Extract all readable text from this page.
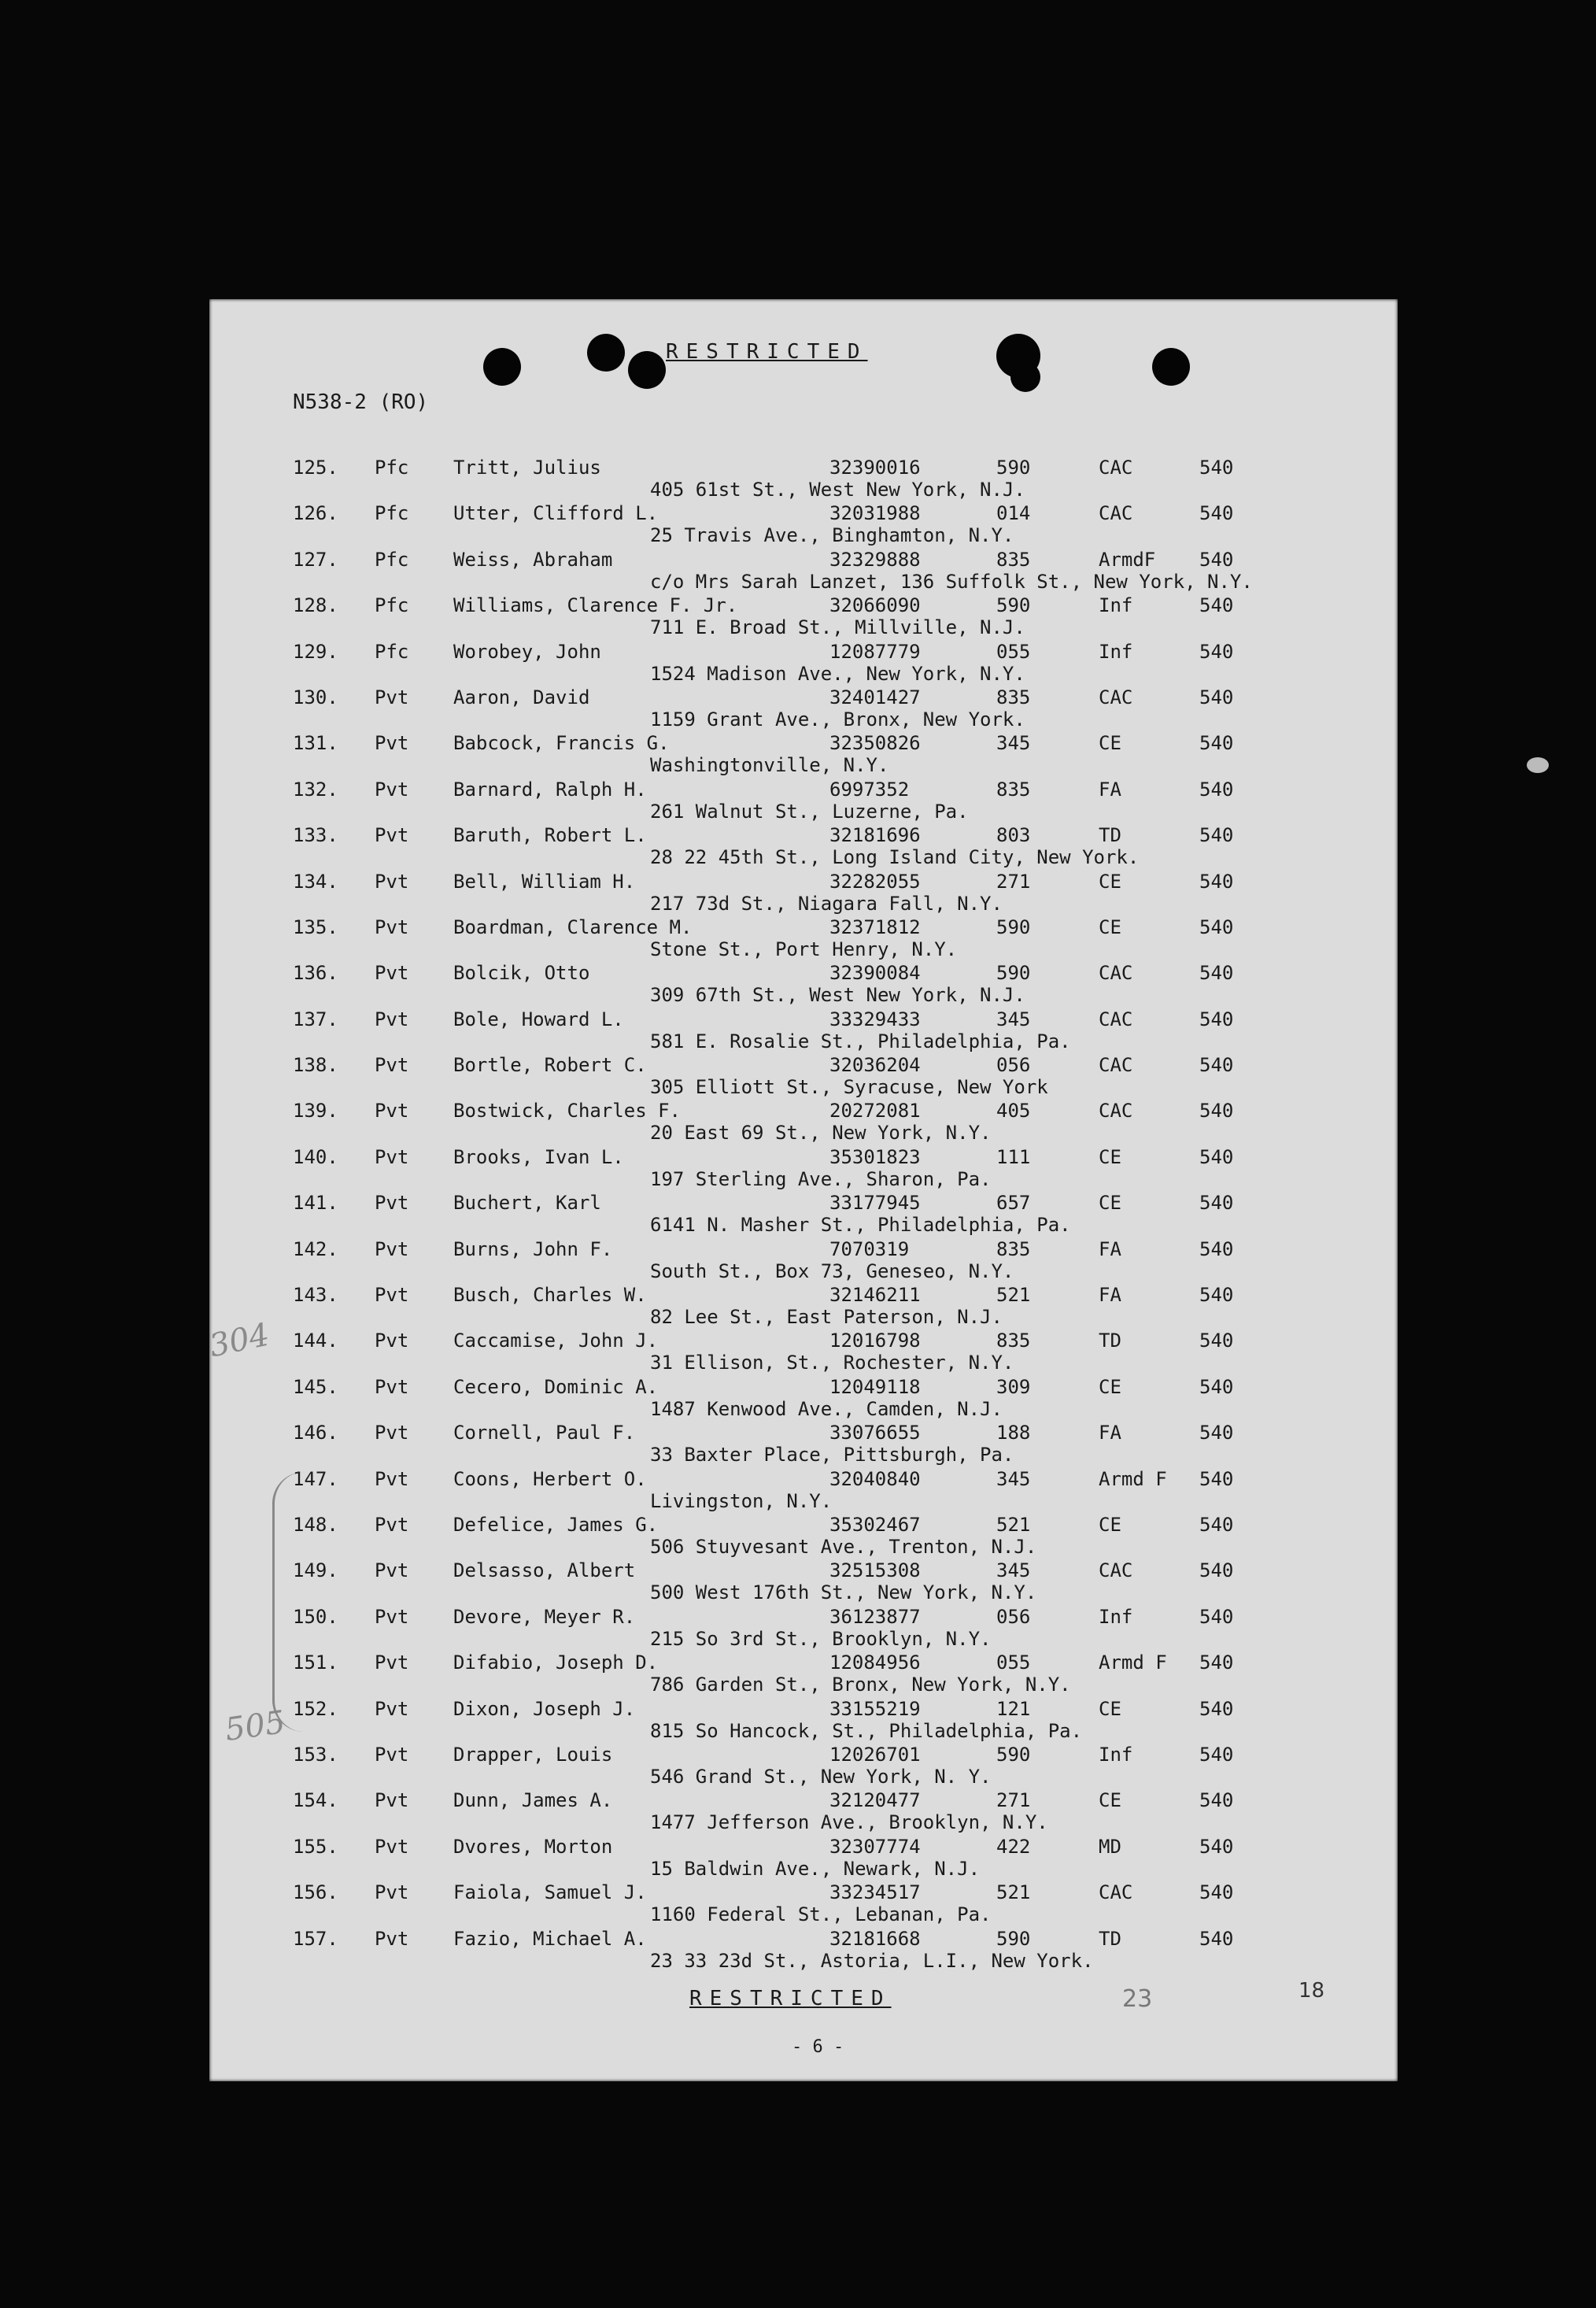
RESTRICTED
N538-2 (RO)
125. Pfc Tritt, Julius	32390016	590	CAC	540
405 61st St., West New York, N.J.
126. Pfc Utter, Clifford L.	32031988	014	CAC	540
25 Travis Ave., Binghamton, N.Y.
127. Pfc Weiss, Abraham	32329888	835	ArmdF 540
c/o Mrs Sarah Lanzet, 136 Suffolk St., New York, N.Y.
128. Pfc Williams, Clarence F. Jr.	32066090	590	Inf	540
711 E. Broad St., Millville, N.J.
129. Pfc Worobey, John	12087779	055	Inf	540
1524 Madison Ave., New York, N.Y.
130. Pvt Aaron, David	32401427	835	CAC	540
1159 Grant Ave., Bronx, New York.
131. Pvt Babcock, Francis G.	32350826	345	CE	540
Washingtonville, N.Y.
132. Pvt Barnard, Ralph H.	6997352	835	FA	540
261 Walnut St., Luzerne, Pa.
133. Pvt Baruth, Robert L.	32181696	803	TD	540
28 22 45th St., Long Island City, New York.
134. Pvt Bell, William H.	32282055	271	CE	540
217 73d St., Niagara Fall, N.Y.
135. Pvt Boardman, Clarence M.	32371812	590	CE	540
Stone St., Port Henry, N.Y.
136. Pvt Bolcik, Otto	32390084	590	CAC	540
309 67th St., West New York, N.J.
137. Pvt Bole, Howard L.	33329433	345	CAC	540
581 E. Rosalie St., Philadelphia, Pa.
138. Pvt Bortle, Robert C.	32036204	056	CAC	540
305 Elliott St., Syracuse, New York
139. Pvt Bostwick, Charles F.	20272081	405	CAC	540
20 East 69 St., New York, N.Y.
140. Pvt Brooks, Ivan L.	35301823	111	CE	540
197 Sterling Ave., Sharon, Pa.
141. Pvt Buchert, Karl	33177945	657	CE	540
6141 N. Masher St., Philadelphia, Pa.
142. Pvt Burns, John F.	7070319	835	FA	540
South St., Box 73, Geneseo, N.Y.
143. Pvt Busch, Charles W.	32146211	521	FA	540
82 Lee St., East Paterson, N.J.
144. Pvt Caccamise, John J.	12016798	835	TD	540
31 Ellison, St., Rochester, N.Y.
145. Pvt Cecero, Dominic A.	12049118	309	CE	540
1487 Kenwood Ave., Camden, N.J.
146. Pvt Cornell, Paul F.	33076655	188	FA	540
33 Baxter Place, Pittsburgh, Pa.
147. Pvt Coons, Herbert O.	32040840	345	Armd F 540
Livingston, N.Y.
148. Pvt Defelice, James G.	35302467	521	CE	540
506 Stuyvesant Ave., Trenton, N.J.
149. Pvt Delsasso, Albert	32515308	345	CAC	540
500 West 176th St., New York, N.Y.
150. Pvt Devore, Meyer R.	36123877	056	Inf	540
215 So 3rd St., Brooklyn, N.Y.
151. Pvt Difabio, Joseph D.	12084956	055	Armd F 540
786 Garden St., Bronx, New York, N.Y.
152. Pvt Dixon, Joseph J.	33155219	121	CE	540
815 So Hancock, St., Philadelphia, Pa.
153. Pvt Drapper, Louis	12026701	590	Inf	540
546 Grand St., New York, N. Y.
154. Pvt Dunn, James A.	32120477	271	CE	540
1477 Jefferson Ave., Brooklyn, N.Y.
155. Pvt Dvores, Morton	32307774	422	MD	540
15 Baldwin Ave., Newark, N.J.
156. Pvt Faiola, Samuel J.	33234517	521	CAC	540
1160 Federal St., Lebanan, Pa.
157. Pvt Fazio, Michael A.	32181668	590	TD	540
23 33 23d St., Astoria, L.I., New York.
304
505
RESTRICTED
- 6 -
23	18
